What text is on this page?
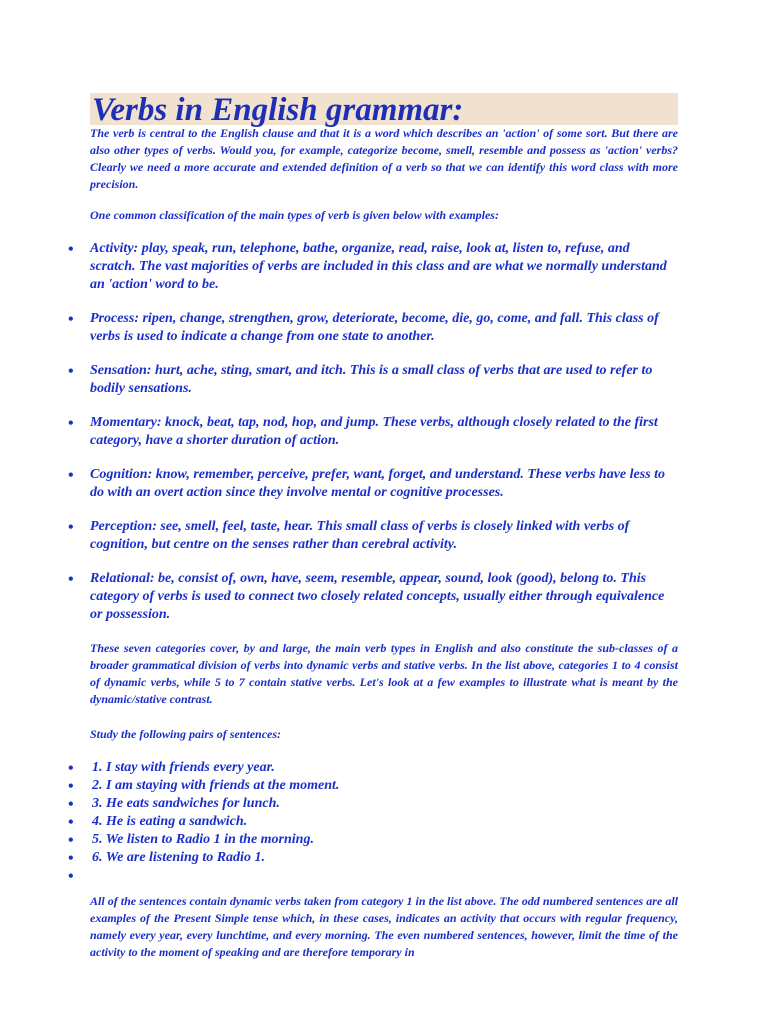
Verbs in English grammar:

The verb is central to the English clause and that it is a word which describes an 'action' of some sort. But there are also other types of verbs. Would you, for example, categorize become, smell, resemble and possess as 'action' verbs? Clearly we need a more accurate and extended definition of a verb so that we can identify this word class with more precision.

One common classification of the main types of verb is given below with examples:

• Activity: play, speak, run, telephone, bathe, organize, read, raise, look at, listen to, refuse, and scratch. The vast majorities of verbs are included in this class and are what we normally understand an 'action' word to be.
• Process: ripen, change, strengthen, grow, deteriorate, become, die, go, come, and fall. This class of verbs is used to indicate a change from one state to another.
• Sensation: hurt, ache, sting, smart, and itch. This is a small class of verbs that are used to refer to bodily sensations.
• Momentary: knock, beat, tap, nod, hop, and jump. These verbs, although closely related to the first category, have a shorter duration of action.
• Cognition: know, remember, perceive, prefer, want, forget, and understand. These verbs have less to do with an overt action since they involve mental or cognitive processes.
• Perception: see, smell, feel, taste, hear. This small class of verbs is closely linked with verbs of cognition, but centre on the senses rather than cerebral activity.
• Relational: be, consist of, own, have, seem, resemble, appear, sound, look (good), belong to. This category of verbs is used to connect two closely related concepts, usually either through equivalence or possession.

These seven categories cover, by and large, the main verb types in English and also constitute the sub-classes of a broader grammatical division of verbs into dynamic verbs and stative verbs. In the list above, categories 1 to 4 consist of dynamic verbs, while 5 to 7 contain stative verbs. Let's look at a few examples to illustrate what is meant by the dynamic/stative contrast.

Study the following pairs of sentences:

• 1. I stay with friends every year.
• 2. I am staying with friends at the moment.
• 3. He eats sandwiches for lunch.
• 4. He is eating a sandwich.
• 5. We listen to Radio 1 in the morning.
• 6. We are listening to Radio 1.
•

All of the sentences contain dynamic verbs taken from category 1 in the list above. The odd numbered sentences are all examples of the Present Simple tense which, in these cases, indicates an activity that occurs with regular frequency, namely every year, every lunchtime, and every morning. The even numbered sentences, however, limit the time of the activity to the moment of speaking and are therefore temporary in
